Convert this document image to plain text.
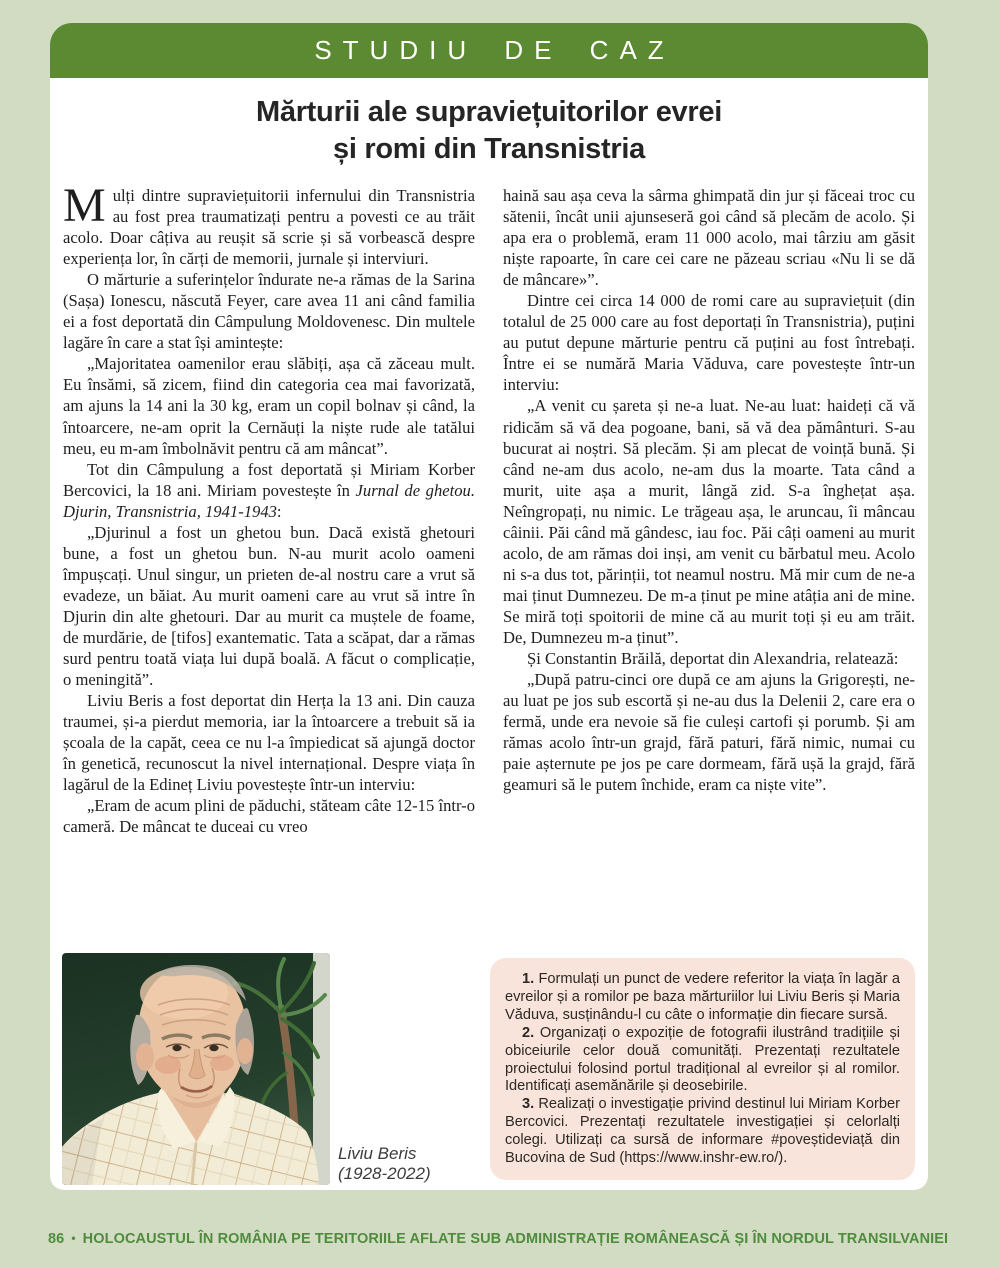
STUDIU DE CAZ
Mărturii ale supraviețuitorilor evrei
și romi din Transnistria

Mulți dintre supraviețuitorii infernului din Transnistria au fost prea traumatizați pentru a povesti ce au trăit acolo. Doar câțiva au reușit să scrie și să vorbească despre experiența lor, în cărți de memorii, jurnale și interviuri.

O mărturie a suferințelor îndurate ne-a rămas de la Sarina (Sașa) Ionescu, născută Feyer, care avea 11 ani când familia ei a fost deportată din Câmpulung Moldovenesc. Din multele lagăre în care a stat își amintește:

„Majoritatea oamenilor erau slăbiți, așa că zăceau mult. Eu însămi, să zicem, fiind din categoria cea mai favorizată, am ajuns la 14 ani la 30 kg, eram un copil bolnav și când, la întoarcere, ne-am oprit la Cernăuți la niște rude ale tatălui meu, eu m-am îmbolnăvit pentru că am mâncat”.

Tot din Câmpulung a fost deportată și Miriam Korber Bercovici, la 18 ani. Miriam povestește în Jurnal de ghetou. Djurin, Transnistria, 1941-1943:

„Djurinul a fost un ghetou bun. Dacă există ghetouri bune, a fost un ghetou bun. N-au murit acolo oameni împușcați. Unul singur, un prieten de-al nostru care a vrut să evadeze, un băiat. Au murit oameni care au vrut să intre în Djurin din alte ghetouri. Dar au murit ca muștele de foame, de murdărie, de [tifos] exantematic. Tata a scăpat, dar a rămas surd pentru toată viața lui după boală. A făcut o complicație, o meningită”.

Liviu Beris a fost deportat din Herța la 13 ani. Din cauza traumei, și-a pierdut memoria, iar la întoarcere a trebuit să ia școala de la capăt, ceea ce nu l-a împiedicat să ajungă doctor în genetică, recunoscut la nivel internațional. Despre viața în lagărul de la Edineț Liviu povestește într-un interviu:

„Eram de acum plini de păduchi, stăteam câte 12-15 într-o cameră. De mâncat te duceai cu vreo

haină sau așa ceva la sârma ghimpată din jur și făceai troc cu sătenii, încât unii ajunseseră goi când să plecăm de acolo. Și apa era o problemă, eram 11 000 acolo, mai târziu am găsit niște rapoarte, în care cei care ne păzeau scriau «Nu li se dă de mâncare»”.

Dintre cei circa 14 000 de romi care au supraviețuit (din totalul de 25 000 care au fost deportați în Transnistria), puțini au putut depune mărturie pentru că puțini au fost întrebați. Între ei se numără Maria Văduva, care povestește într-un interviu:

„A venit cu șareta și ne-a luat. Ne-au luat: haideți că vă ridicăm să vă dea pogoane, bani, să vă dea pământuri. S-au bucurat ai noștri. Să plecăm. Și am plecat de voință bună. Și când ne-am dus acolo, ne-am dus la moarte. Tata când a murit, uite așa a murit, lângă zid. S-a înghețat așa. Neîngropați, nu nimic. Le trăgeau așa, le aruncau, îi mâncau câinii. Păi când mă gândesc, iau foc. Păi câți oameni au murit acolo, de am rămas doi inși, am venit cu bărbatul meu. Acolo ni s-a dus tot, părinții, tot neamul nostru. Mă mir cum de ne-a mai ținut Dumnezeu. De m-a ținut pe mine atâția ani de mine. Se miră toți spoitorii de mine că au murit toți și eu am trăit. De, Dumnezeu m-a ținut”.

Și Constantin Brăilă, deportat din Alexandria, relatează:

„După patru-cinci ore după ce am ajuns la Grigorești, ne-au luat pe jos sub escortă și ne-au dus la Delenii 2, care era o fermă, unde era nevoie să fie culeși cartofi și porumb. Și am rămas acolo într-un grajd, fără paturi, fără nimic, numai cu paie așternute pe jos pe care dormeam, fără ușă la grajd, fără geamuri să le putem închide, eram ca niște vite”.

Liviu Beris
(1928-2022)

1. Formulați un punct de vedere referitor la viața în lagăr a evreilor și a romilor pe baza mărturiilor lui Liviu Beris și Maria Văduva, susținându-l cu câte o informație din fiecare sursă.

2. Organizați o expoziție de fotografii ilustrând tradițiile și obiceiurile celor două comunități. Prezentați rezultatele proiectului folosind portul tradițional al evreilor și al romilor. Identificați asemănările și deosebirile.

3. Realizați o investigație privind destinul lui Miriam Korber Bercovici. Prezentați rezultatele investigației și celorlalți colegi. Utilizați ca sursă de informare #poveștideviață din Bucovina de Sud (https://www.inshr-ew.ro/).

86 • HOLOCAUSTUL ÎN ROMÂNIA PE TERITORIILE AFLATE SUB ADMINISTRAȚIE ROMÂNEASCĂ ȘI ÎN NORDUL TRANSILVANIEI
